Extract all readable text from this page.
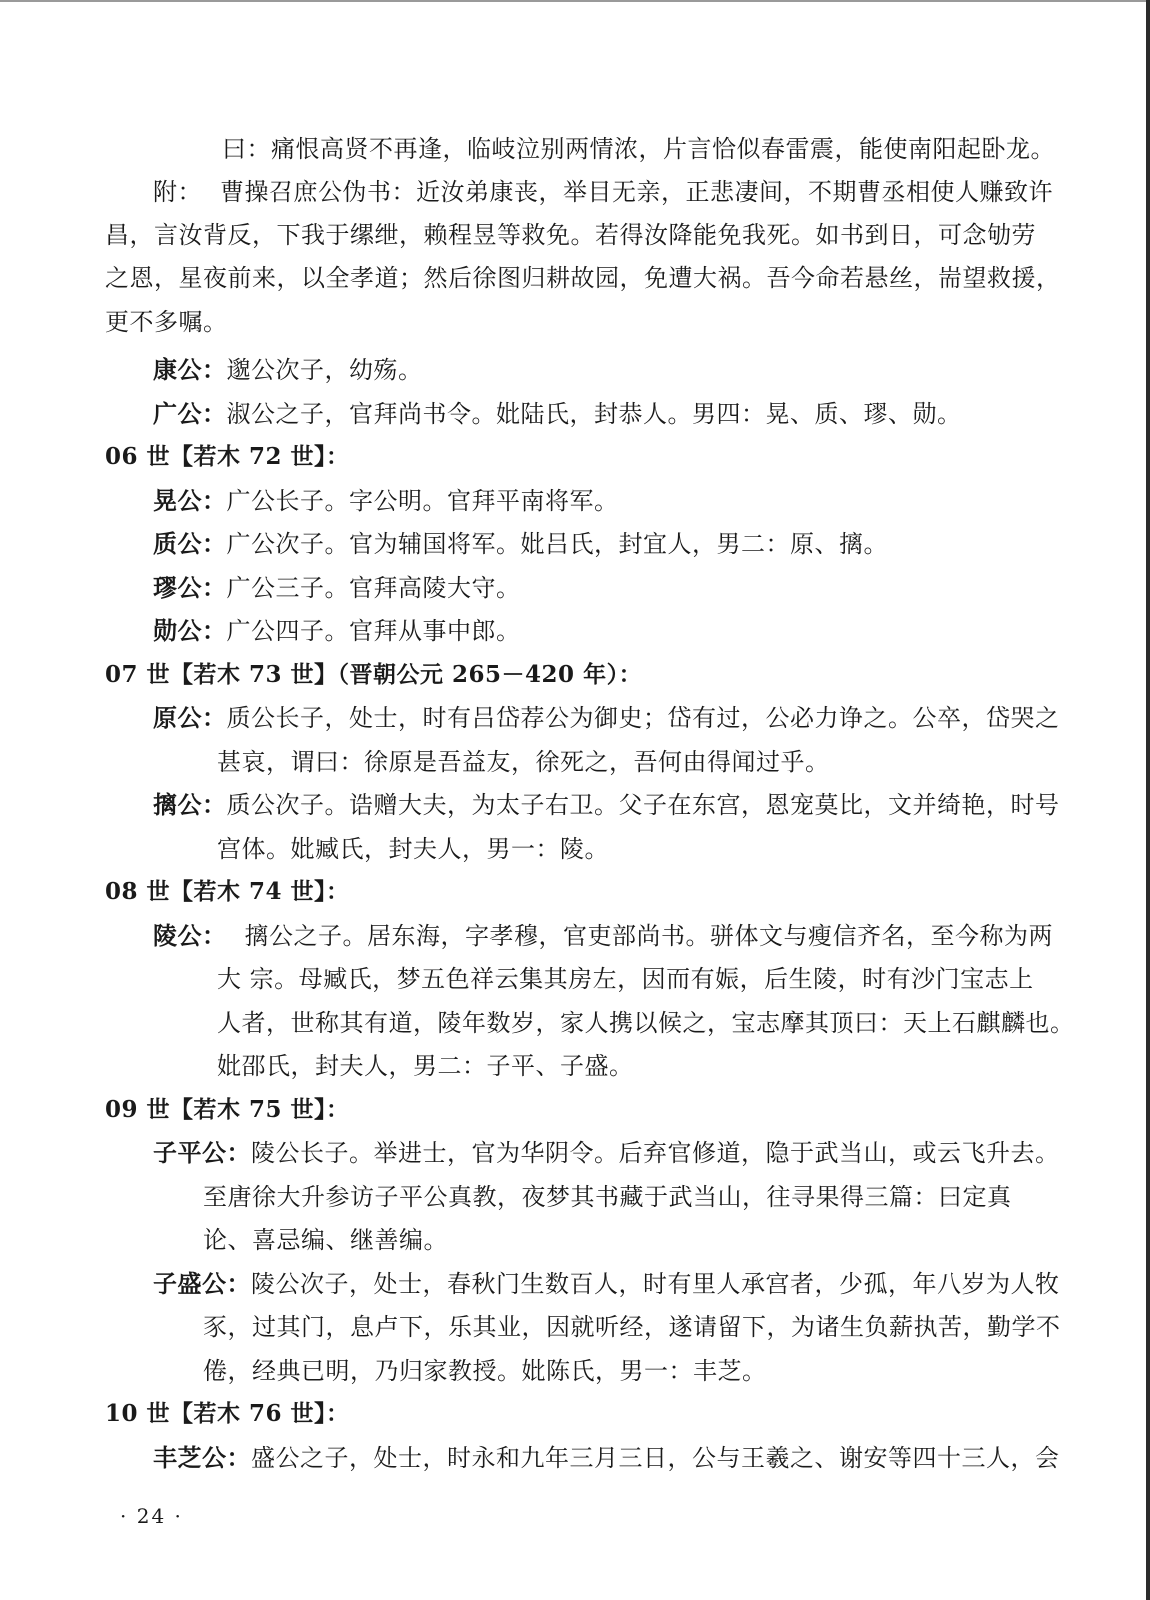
曰：痛恨高贤不再逢，临岐泣别两情浓，片言恰似春雷震，能使南阳起卧龙。
附： 曹操召庶公伪书：近汝弟康丧，举目无亲，正悲凄间，不期曹丞相使人赚致许
昌，言汝背反，下我于缧绁，赖程昱等救免。若得汝降能免我死。如书到日，可念劬劳
之恩，星夜前来，以全孝道；然后徐图归耕故园，免遭大祸。吾今命若悬丝，耑望救援，
更不多嘱。
康公：邈公次子，幼殇。
广公：淑公之子，官拜尚书令。妣陆氏，封恭人。男四：晃、质、璆、勋。
06 世【若木 72 世】：
晃公：广公长子。字公明。官拜平南将军。
质公：广公次子。官为辅国将军。妣吕氏，封宜人，男二：原、摛。
璆公：广公三子。官拜高陵大守。
勋公：广公四子。官拜从事中郎。
07 世【若木 73 世】（晋朝公元 265－420 年）：
原公： 质公长子，处士，时有吕岱荐公为御史；岱有过，公必力诤之。公卒，岱哭之
甚哀，谓曰：徐原是吾益友，徐死之，吾何由得闻过乎。
摛公： 质公次子。诰赠大夫，为太子右卫。父子在东宫，恩宠莫比，文并绮艳，时号
宫体。妣臧氏，封夫人，男一：陵。
08 世【若木 74 世】：
陵公： 摛公之子。居东海，字孝穆，官吏部尚书。骈体文与瘦信齐名，至今称为两
大 宗。母臧氏，梦五色祥云集其房左，因而有娠，后生陵，时有沙门宝志上
人者，世称其有道，陵年数岁，家人携以候之，宝志摩其顶曰：天上石麒麟也。
妣邵氏，封夫人，男二：子平、子盛。
09 世【若木 75 世】：
子平公： 陵公长子。举进士，官为华阴令。后弃官修道，隐于武当山，或云飞升去。
至唐徐大升参访子平公真教，夜梦其书藏于武当山，往寻果得三篇：曰定真
论、喜忌编、继善编。
子盛公： 陵公次子，处士，春秋门生数百人，时有里人承宫者，少孤，年八岁为人牧
豕，过其门，息卢下，乐其业，因就听经，遂请留下，为诸生负薪执苦，勤学不
倦，经典已明，乃归家教授。妣陈氏，男一：丰芝。
10 世【若木 76 世】：
丰芝公： 盛公之子，处士，时永和九年三月三日，公与王羲之、谢安等四十三人，会
· 24 ·
